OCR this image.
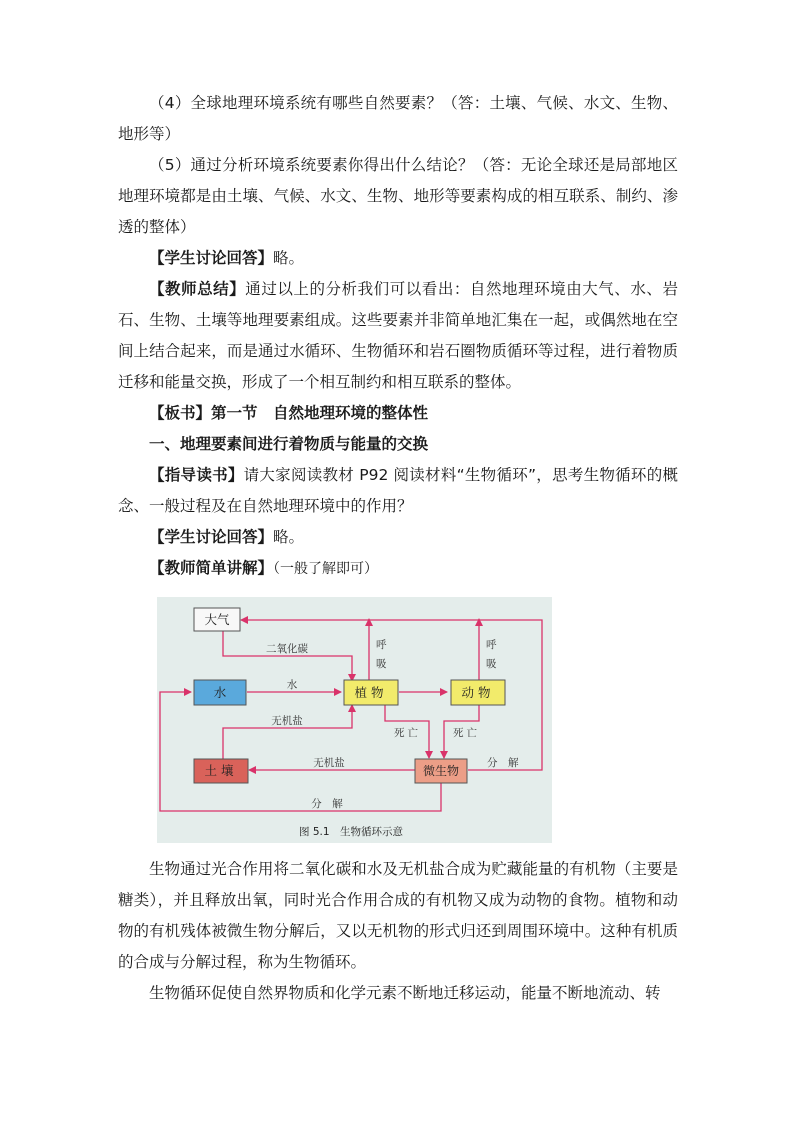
（4）全球地理环境系统有哪些自然要素？（答：土壤、气候、水文、生物、地形等）

（5）通过分析环境系统要素你得出什么结论？（答：无论全球还是局部地区地理环境都是由土壤、气候、水文、生物、地形等要素构成的相互联系、制约、渗透的整体）

【学生讨论回答】略。

【教师总结】通过以上的分析我们可以看出：自然地理环境由大气、水、岩石、生物、土壤等地理要素组成。这些要素并非简单地汇集在一起，或偶然地在空间上结合起来，而是通过水循环、生物循环和岩石圈物质循环等过程，进行着物质迁移和能量交换，形成了一个相互制约和相互联系的整体。

【板书】第一节　自然地理环境的整体性

一、地理要素间进行着物质与能量的交换

【指导读书】请大家阅读教材 P92 阅读材料“生物循环”，思考生物循环的概念、一般过程及在自然地理环境中的作用？

【学生讨论回答】略。

【教师简单讲解】（一般了解即可）

大气
水	植物	动物
土壤	微生物
二氧化碳
水
呼
吸
呼
吸
无机盐
死亡	死亡
无机盐	分　解
分　解
图 5.1　生物循环示意

生物通过光合作用将二氧化碳和水及无机盐合成为贮藏能量的有机物（主要是糖类），并且释放出氧，同时光合作用合成的有机物又成为动物的食物。植物和动物的有机残体被微生物分解后，又以无机物的形式归还到周围环境中。这种有机质的合成与分解过程，称为生物循环。

生物循环促使自然界物质和化学元素不断地迁移运动，能量不断地流动、转
